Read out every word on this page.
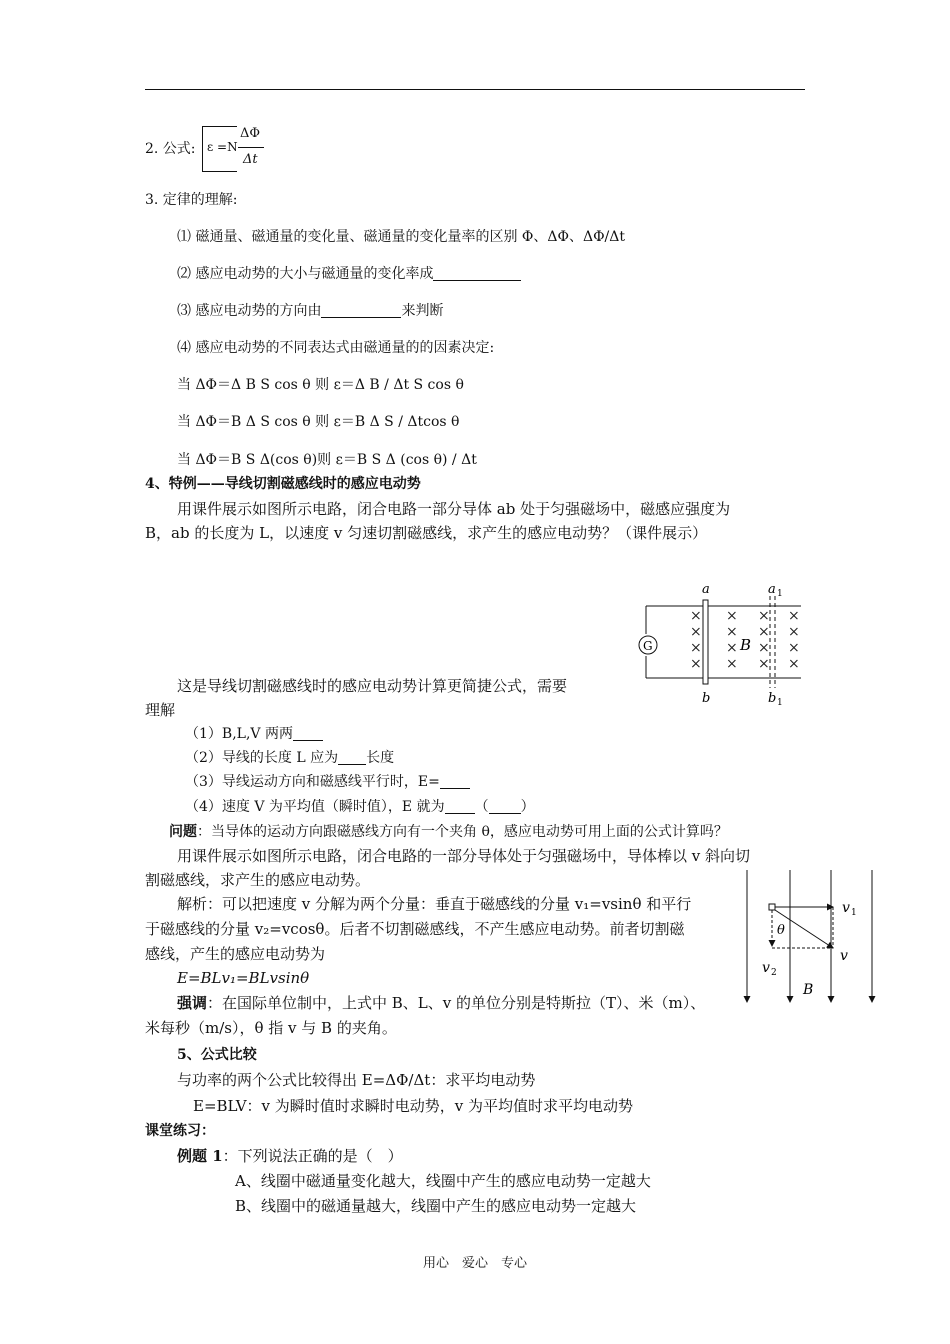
2. 公式: ε =N
ΔΦ
Δt
3. 定律的理解:
⑴ 磁通量、磁通量的变化量、磁通量的变化量率的区别 Φ、ΔΦ、ΔΦ/Δt
⑵ 感应电动势的大小与磁通量的变化率成
⑶ 感应电动势的方向由	来判断
⑷ 感应电动势的不同表达式由磁通量的的因素决定:
当 ΔΦ＝Δ B S cos θ 则 ε＝Δ B / Δt S cos θ
当 ΔΦ＝B Δ S cos θ 则 ε＝B Δ S / Δtcos θ
当 ΔΦ＝B S Δ(cos θ)则 ε＝B S Δ (cos θ) / Δt
4、特例——导线切割磁感线时的感应电动势
用课件展示如图所示电路，闭合电路一部分导体 ab 处于匀强磁场中，磁感应强度为
B，ab 的长度为 L，以速度 v 匀速切割磁感线，求产生的感应电动势？（课件展示）
G
a
b
a 1
b 1
B
×
×
×
×
×
×
×
×
×
×
×
×
×
×
×
×
这是导线切割磁感线时的感应电动势计算更简捷公式，需要
理解
（1）B,L,V 两两
（2）导线的长度 L 应为 长度
（3）导线运动方向和磁感线平行时，E=
（4）速度 V 为平均值（瞬时值），E 就为 （ ）
问题：当导体的运动方向跟磁感线方向有一个夹角 θ，感应电动势可用上面的公式计算吗？
用课件展示如图所示电路，闭合电路的一部分导体处于匀强磁场中，导体棒以 v 斜向切
割磁感线，求产生的感应电动势。
解析：可以把速度 v 分解为两个分量：垂直于磁感线的分量 v₁=vsinθ 和平行
于磁感线的分量 v₂=vcosθ。后者不切割磁感线，不产生感应电动势。前者切割磁
感线，产生的感应电动势为
E=BLv₁=BLvsinθ
强调：在国际单位制中，上式中 B、L、v 的单位分别是特斯拉（T）、米（m）、
米每秒（m/s），θ 指 v 与 B 的夹角。
v 1
θ
v 2
v
B
5、公式比较
与功率的两个公式比较得出 E=ΔΦ/Δt：求平均电动势
E=BLV：v 为瞬时值时求瞬时电动势，v 为平均值时求平均电动势
课堂练习：
例题 1：下列说法正确的是（　）
A、线圈中磁通量变化越大，线圈中产生的感应电动势一定越大
B、线圈中的磁通量越大，线圈中产生的感应电动势一定越大
用心　爱心　专心
